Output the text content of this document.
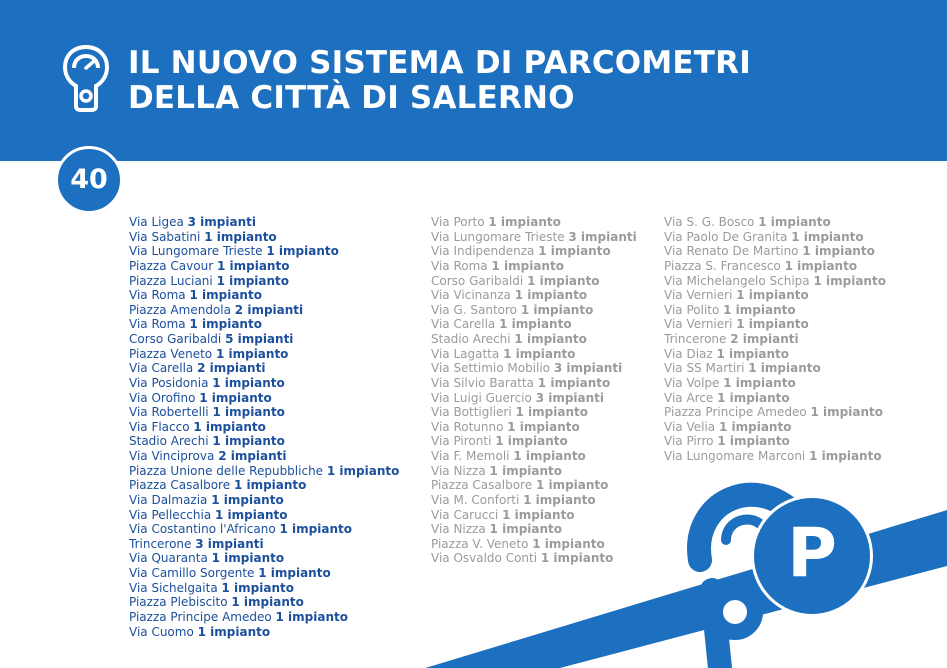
IL NUOVO SISTEMA DI PARCOMETRI
DELLA CITTÀ DI SALERNO
40	IMPIANTI INSTALLATI	IMPIANTI DI PROSSIMA INSTALLAZIONE
Via Ligea 3 impianti
Via Sabatini 1 impianto
Via Lungomare Trieste 1 impianto
Piazza Cavour 1 impianto
Piazza Luciani 1 impianto
Via Roma 1 impianto
Piazza Amendola 2 impianti
Via Roma 1 impianto
Corso Garibaldi 5 impianti
Piazza Veneto 1 impianto
Via Carella 2 impianti
Via Posidonia 1 impianto
Via Orofino 1 impianto
Via Robertelli 1 impianto
Via Flacco 1 impianto
Stadio Arechi 1 impianto
Via Vinciprova 2 impianti
Piazza Unione delle Repubbliche 1 impianto
Piazza Casalbore 1 impianto
Via Dalmazia 1 impianto
Via Pellecchia 1 impianto
Via Costantino l'Africano 1 impianto
Trincerone 3 impianti
Via Quaranta 1 impianto
Via Camillo Sorgente 1 impianto
Via Sichelgaita 1 impianto
Piazza Plebiscito 1 impianto
Piazza Principe Amedeo 1 impianto
Via Cuomo 1 impianto
Via Porto 1 impianto
Via Lungomare Trieste 3 impianti
Via Indipendenza 1 impianto
Via Roma 1 impianto
Corso Garibaldi 1 impianto
Via Vicinanza 1 impianto
Via G. Santoro 1 impianto
Via Carella 1 impianto
Stadio Arechi 1 impianto
Via Lagatta 1 impianto
Via Settimio Mobilio 3 impianti
Via Silvio Baratta 1 impianto
Via Luigi Guercio 3 impianti
Via Bottiglieri 1 impianto
Via Rotunno 1 impianto
Via Pironti 1 impianto
Via F. Memoli 1 impianto
Via Nizza 1 impianto
Piazza Casalbore 1 impianto
Via M. Conforti 1 impianto
Via Carucci 1 impianto
Via Nizza 1 impianto
Piazza V. Veneto 1 impianto
Via Osvaldo Conti 1 impianto
Via S. G. Bosco 1 impianto
Via Paolo De Granita 1 impianto
Via Renato De Martino 1 impianto
Piazza S. Francesco 1 impianto
Via Michelangelo Schipa 1 impianto
Via Vernieri 1 impianto
Via Polito 1 impianto
Via Vernieri 1 impianto
Trincerone 2 impianti
Via Diaz 1 impianto
Via SS Martiri 1 impianto
Via Volpe 1 impianto
Via Arce 1 impianto
Piazza Principe Amedeo 1 impianto
Via Velia 1 impianto
Via Pirro 1 impianto
Via Lungomare Marconi 1 impianto
P
